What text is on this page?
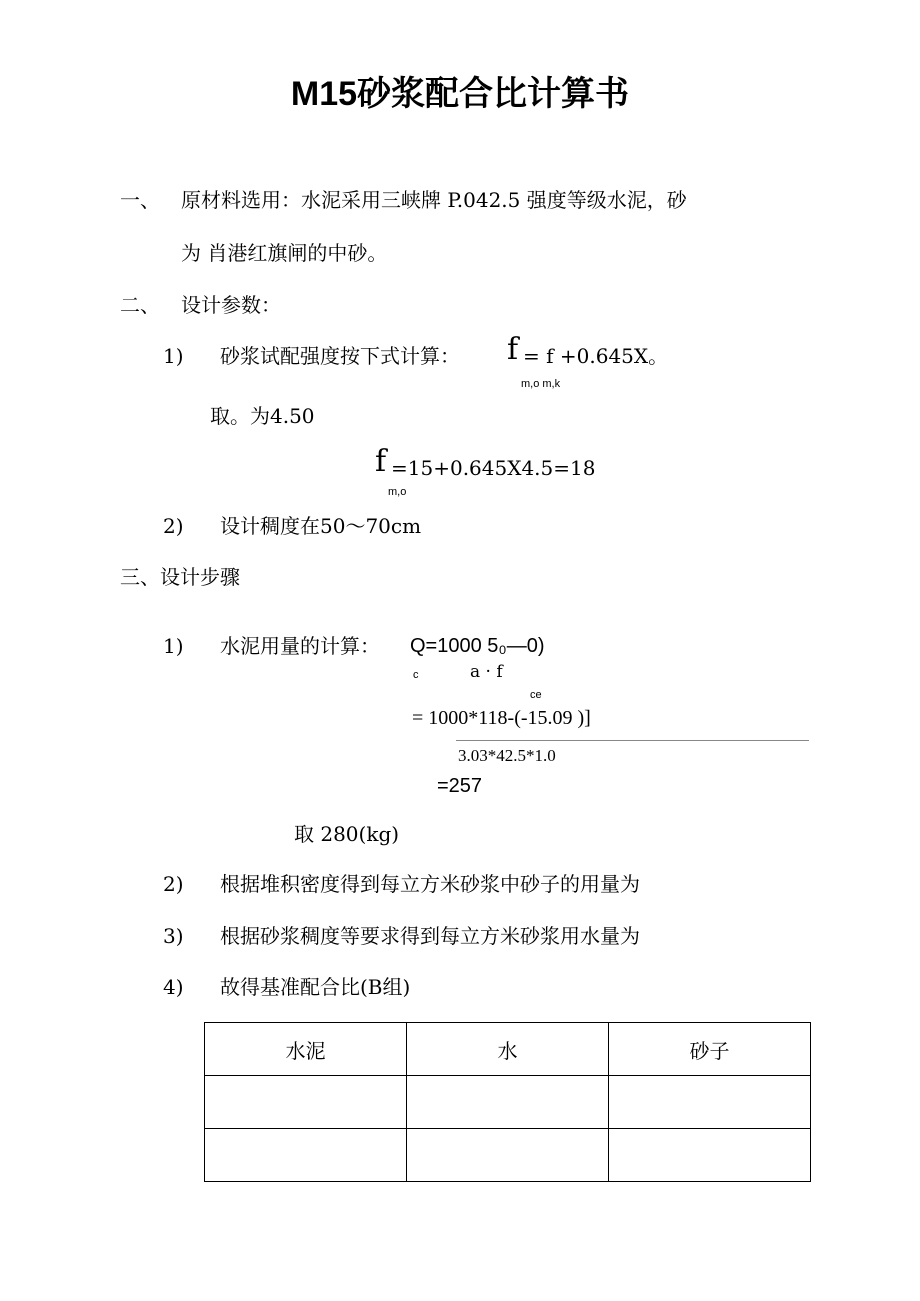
M15砂浆配合比计算书
一、 原材料选用：水泥采用三峡牌 P.042.5 强度等级水泥，砂
为 肖港红旗闸的中砂。
二、 设计参数：
1) 砂浆试配强度按下式计算： f = f +0.645X。
m,o m,k
取。为4.50
f =15+0.645X4.5=18
m,o
2) 设计稠度在50〜70cm
三、设计步骤
1) 水泥用量的计算： Q=1000 5₀—0)
c	a · f
ce
= 1000*118-(-15.09 )]
3.03*42.5*1.0
=257
取 280(kg)
2) 根据堆积密度得到每立方米砂浆中砂子的用量为
3) 根据砂浆稠度等要求得到每立方米砂浆用水量为
4) 故得基准配合比(B组)
水泥	水	砂子
